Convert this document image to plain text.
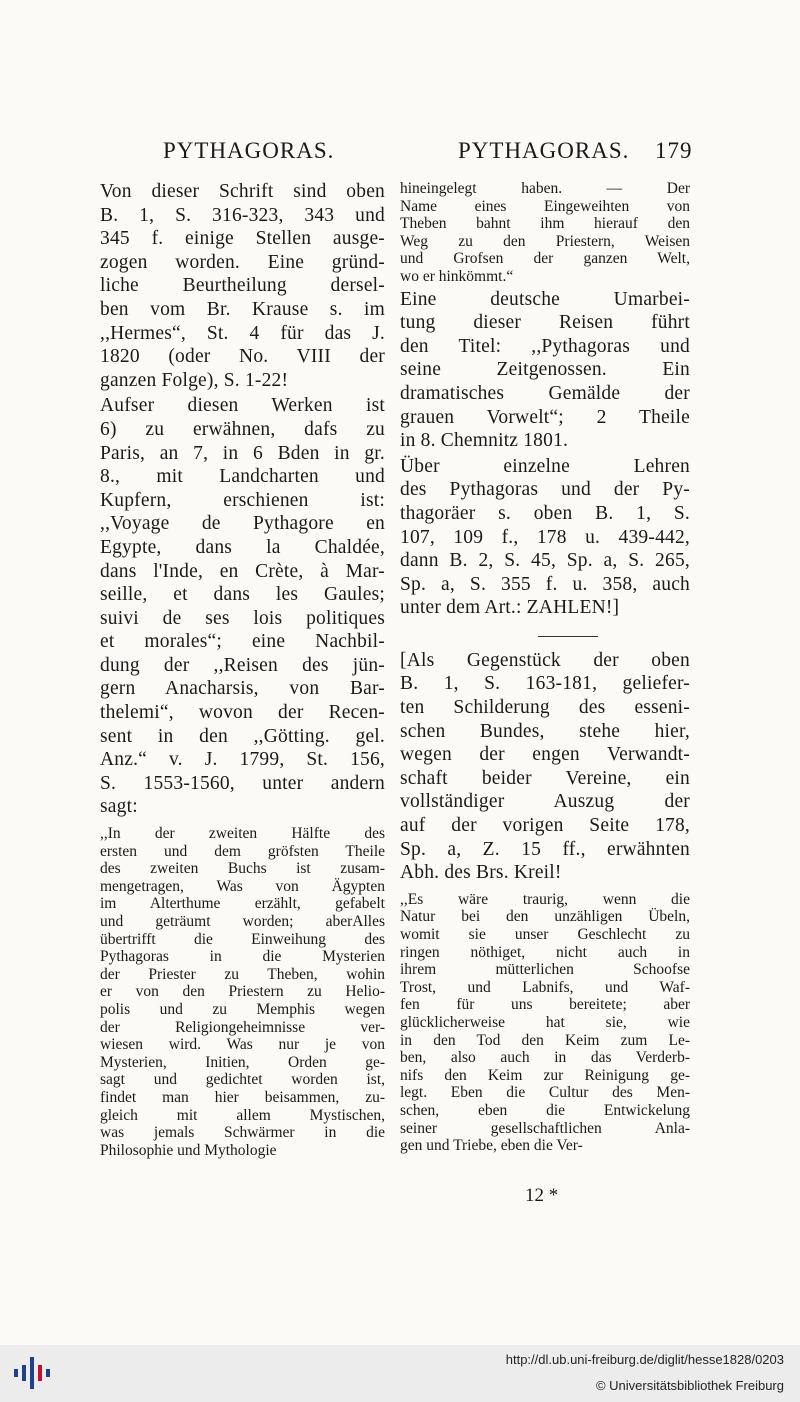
PYTHAGORAS.	PYTHAGORAS. 179
Von dieser Schrift sind oben
B. 1, S. 316-323, 343 und
345 f. einige Stellen ausge-
zogen worden. Eine gründ-
liche Beurtheilung dersel-
ben vom Br. Krause s. im
,,Hermes“, St. 4 für das J.
1820 (oder No. VIII der
ganzen Folge), S. 1-22!
Aufser diesen Werken ist
6) zu erwähnen, dafs zu
Paris, an 7, in 6 Bden in gr.
8., mit Landcharten und
Kupfern, erschienen ist:
,,Voyage de Pythagore en
Egypte, dans la Chaldée,
dans l'Inde, en Crète, à Mar-
seille, et dans les Gaules;
suivi de ses lois politiques
et morales“; eine Nachbil-
dung der ,,Reisen des jün-
gern Anacharsis, von Bar-
thelemi“, wovon der Recen-
sent in den ,,Götting. gel.
Anz.“ v. J. 1799, St. 156,
S. 1553-1560, unter andern
sagt:
,,In der zweiten Hälfte des
ersten und dem gröfsten Theile
des zweiten Buchs ist zusam-
mengetragen, Was von Ägypten
im Alterthume erzählt, gefabelt
und geträumt worden; aberAlles
übertrifft die Einweihung des
Pythagoras in die Mysterien
der Priester zu Theben, wohin
er von den Priestern zu Helio-
polis und zu Memphis wegen
der Religiongeheimnisse ver-
wiesen wird. Was nur je von
Mysterien, Initien, Orden ge-
sagt und gedichtet worden ist,
findet man hier beisammen, zu-
gleich mit allem Mystischen,
was jemals Schwärmer in die
Philosophie und Mythologie
hineingelegt haben. — Der
Name eines Eingeweihten von
Theben bahnt ihm hierauf den
Weg zu den Priestern, Weisen
und Grofsen der ganzen Welt,
wo er hinkömmt.“
Eine deutsche Umarbei-
tung dieser Reisen führt
den Titel: ,,Pythagoras und
seine Zeitgenossen. Ein
dramatisches Gemälde der
grauen Vorwelt“; 2 Theile
in 8. Chemnitz 1801.
Über einzelne Lehren
des Pythagoras und der Py-
thagoräer s. oben B. 1, S.
107, 109 f., 178 u. 439-442,
dann B. 2, S. 45, Sp. a, S. 265,
Sp. a, S. 355 f. u. 358, auch
unter dem Art.: ZAHLEN!]
[Als Gegenstück der oben
B. 1, S. 163-181, geliefer-
ten Schilderung des esseni-
schen Bundes, stehe hier,
wegen der engen Verwandt-
schaft beider Vereine, ein
vollständiger Auszug der
auf der vorigen Seite 178,
Sp. a, Z. 15 ff., erwähnten
Abh. des Brs. Kreil!
,,Es wäre traurig, wenn die
Natur bei den unzähligen Übeln,
womit sie unser Geschlecht zu
ringen nöthiget, nicht auch in
ihrem mütterlichen Schoofse
Trost, und Labnifs, und Waf-
fen für uns bereitete; aber
glücklicherweise hat sie, wie
in den Tod den Keim zum Le-
ben, also auch in das Verderb-
nifs den Keim zur Reinigung ge-
legt. Eben die Cultur des Men-
schen, eben die Entwickelung
seiner gesellschaftlichen Anla-
gen und Triebe, eben die Ver-
12 *
http://dl.ub.uni-freiburg.de/diglit/hesse1828/0203
© Universitätsbibliothek Freiburg
